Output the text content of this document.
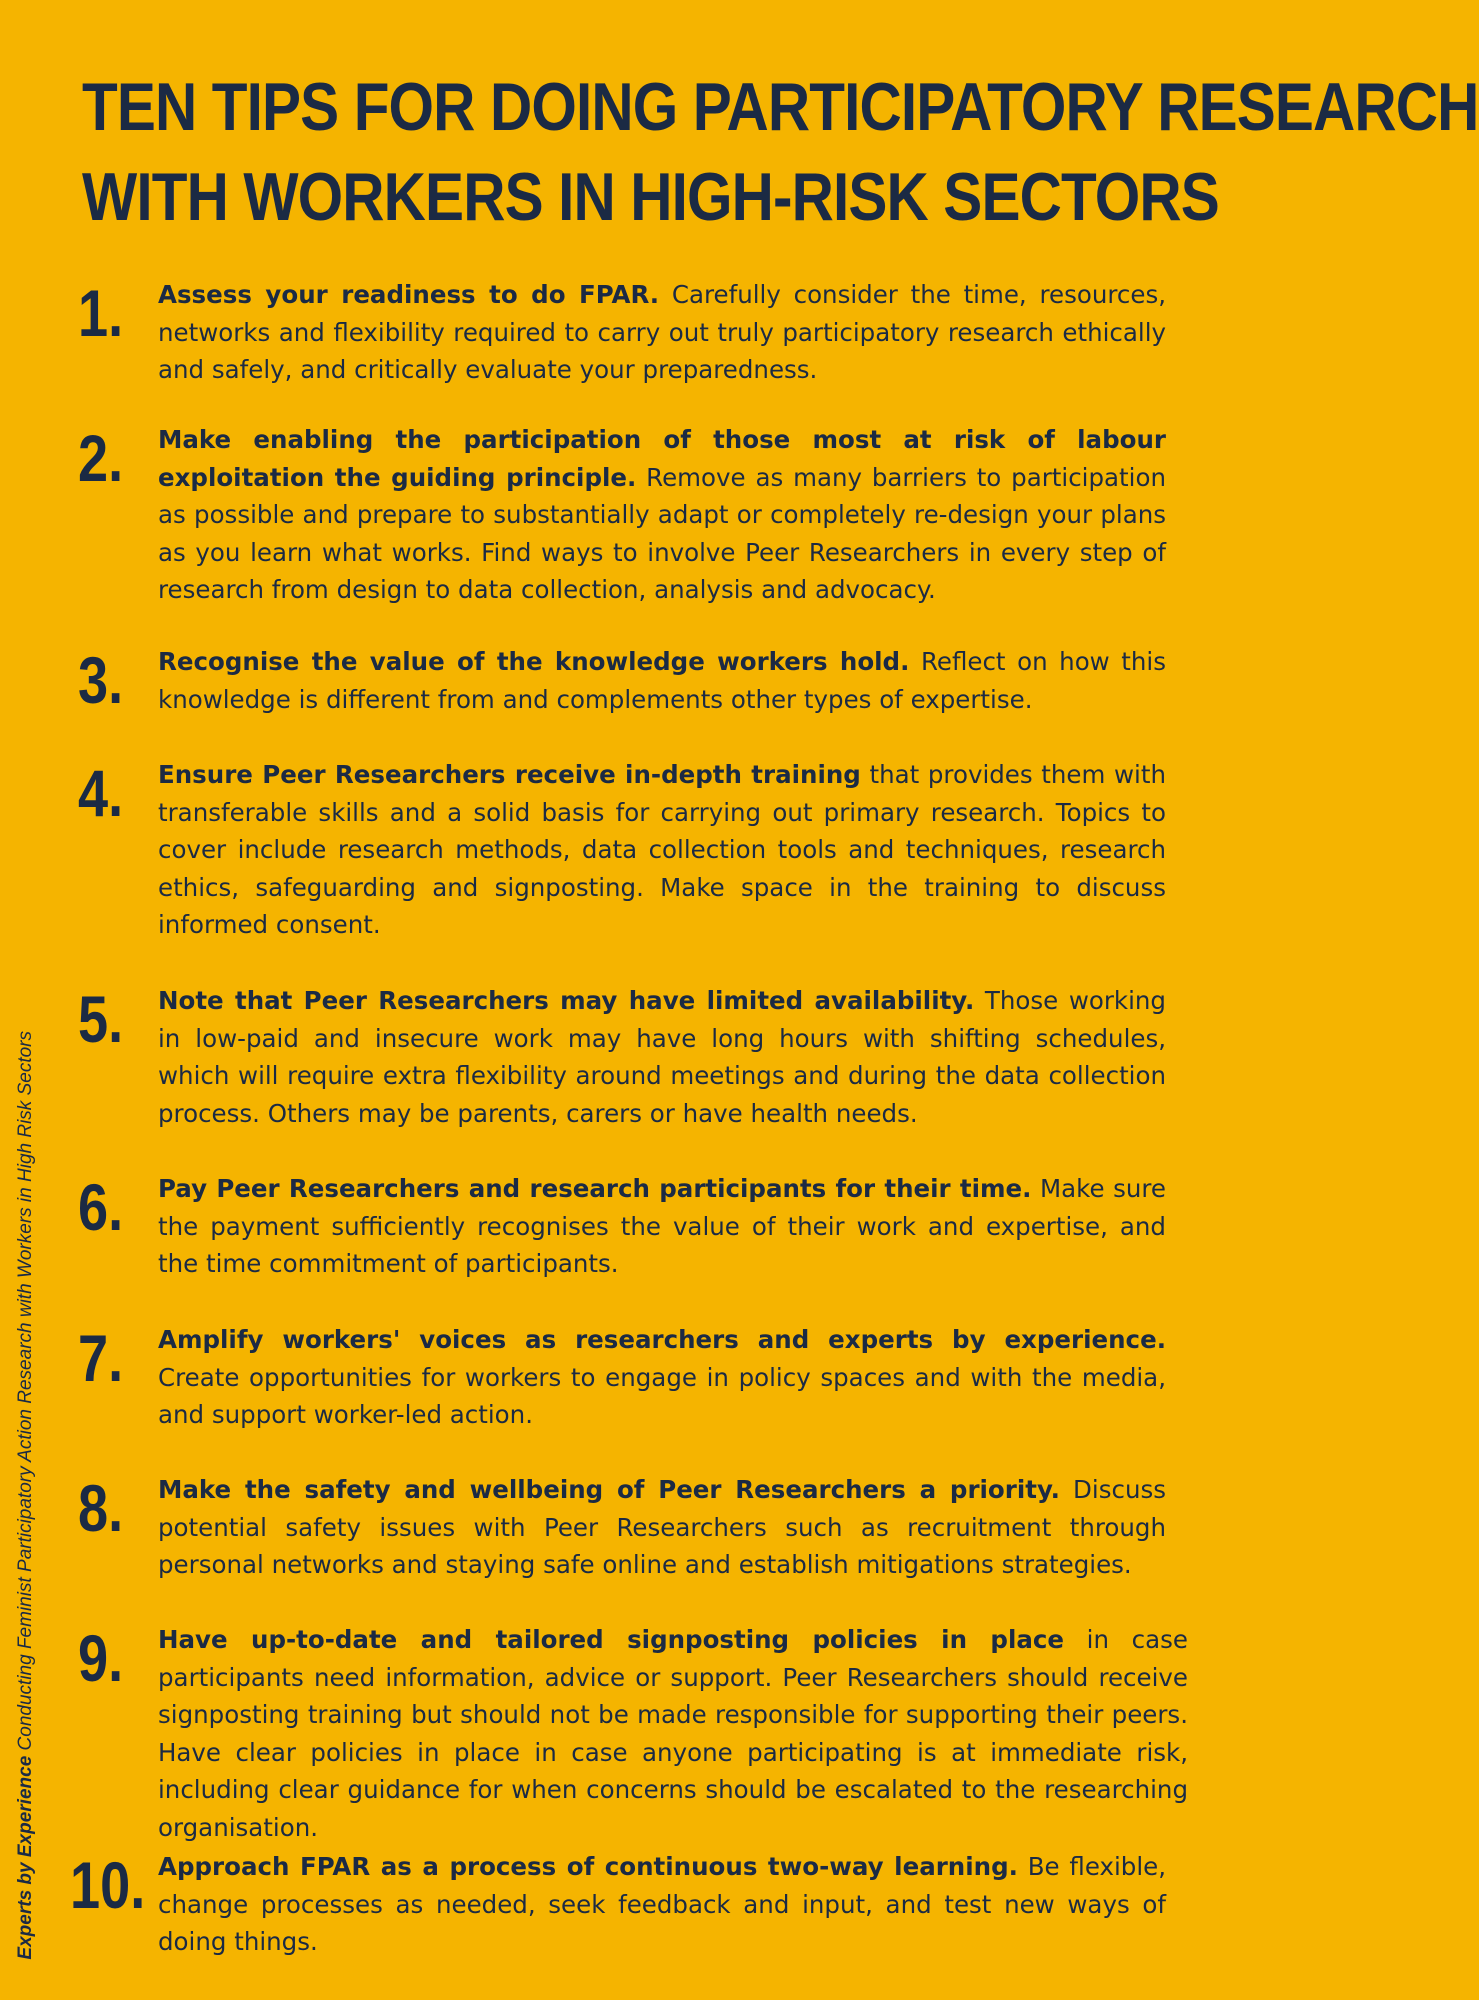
TEN TIPS FOR DOING PARTICIPATORY RESEARCH
WITH WORKERS IN HIGH-RISK SECTORS
1. Assess your readiness to do FPAR. Carefully consider the time, resources, networks and flexibility required to carry out truly participatory research ethically and safely, and critically evaluate your preparedness.
2. Make enabling the participation of those most at risk of labour exploitation the guiding principle. Remove as many barriers to participation as possible and prepare to substantially adapt or completely re-design your plans as you learn what works. Find ways to involve Peer Researchers in every step of research from design to data collection, analysis and advocacy.
3. Recognise the value of the knowledge workers hold. Reflect on how this knowledge is different from and complements other types of expertise.
4. Ensure Peer Researchers receive in-depth training that provides them with transferable skills and a solid basis for carrying out primary research. Topics to cover include research methods, data collection tools and techniques, research ethics, safeguarding and signposting. Make space in the training to discuss informed consent.
5. Note that Peer Researchers may have limited availability. Those working in low-paid and insecure work may have long hours with shifting schedules, which will require extra flexibility around meetings and during the data collection process. Others may be parents, carers or have health needs.
6. Pay Peer Researchers and research participants for their time. Make sure the payment sufficiently recognises the value of their work and expertise, and the time commitment of participants.
7. Amplify workers' voices as researchers and experts by experience. Create opportunities for workers to engage in policy spaces and with the media, and support worker-led action.
8. Make the safety and wellbeing of Peer Researchers a priority. Discuss potential safety issues with Peer Researchers such as recruitment through personal networks and staying safe online and establish mitigations strategies.
9. Have up-to-date and tailored signposting policies in place in case participants need information, advice or support. Peer Researchers should receive signposting training but should not be made responsible for supporting their peers. Have clear policies in place in case anyone participating is at immediate risk, including clear guidance for when concerns should be escalated to the researching organisation.
10. Approach FPAR as a process of continuous two-way learning. Be flexible, change processes as needed, seek feedback and input, and test new ways of doing things.
Experts by Experience Conducting Feminist Participatory Action Research with Workers in High Risk Sectors
